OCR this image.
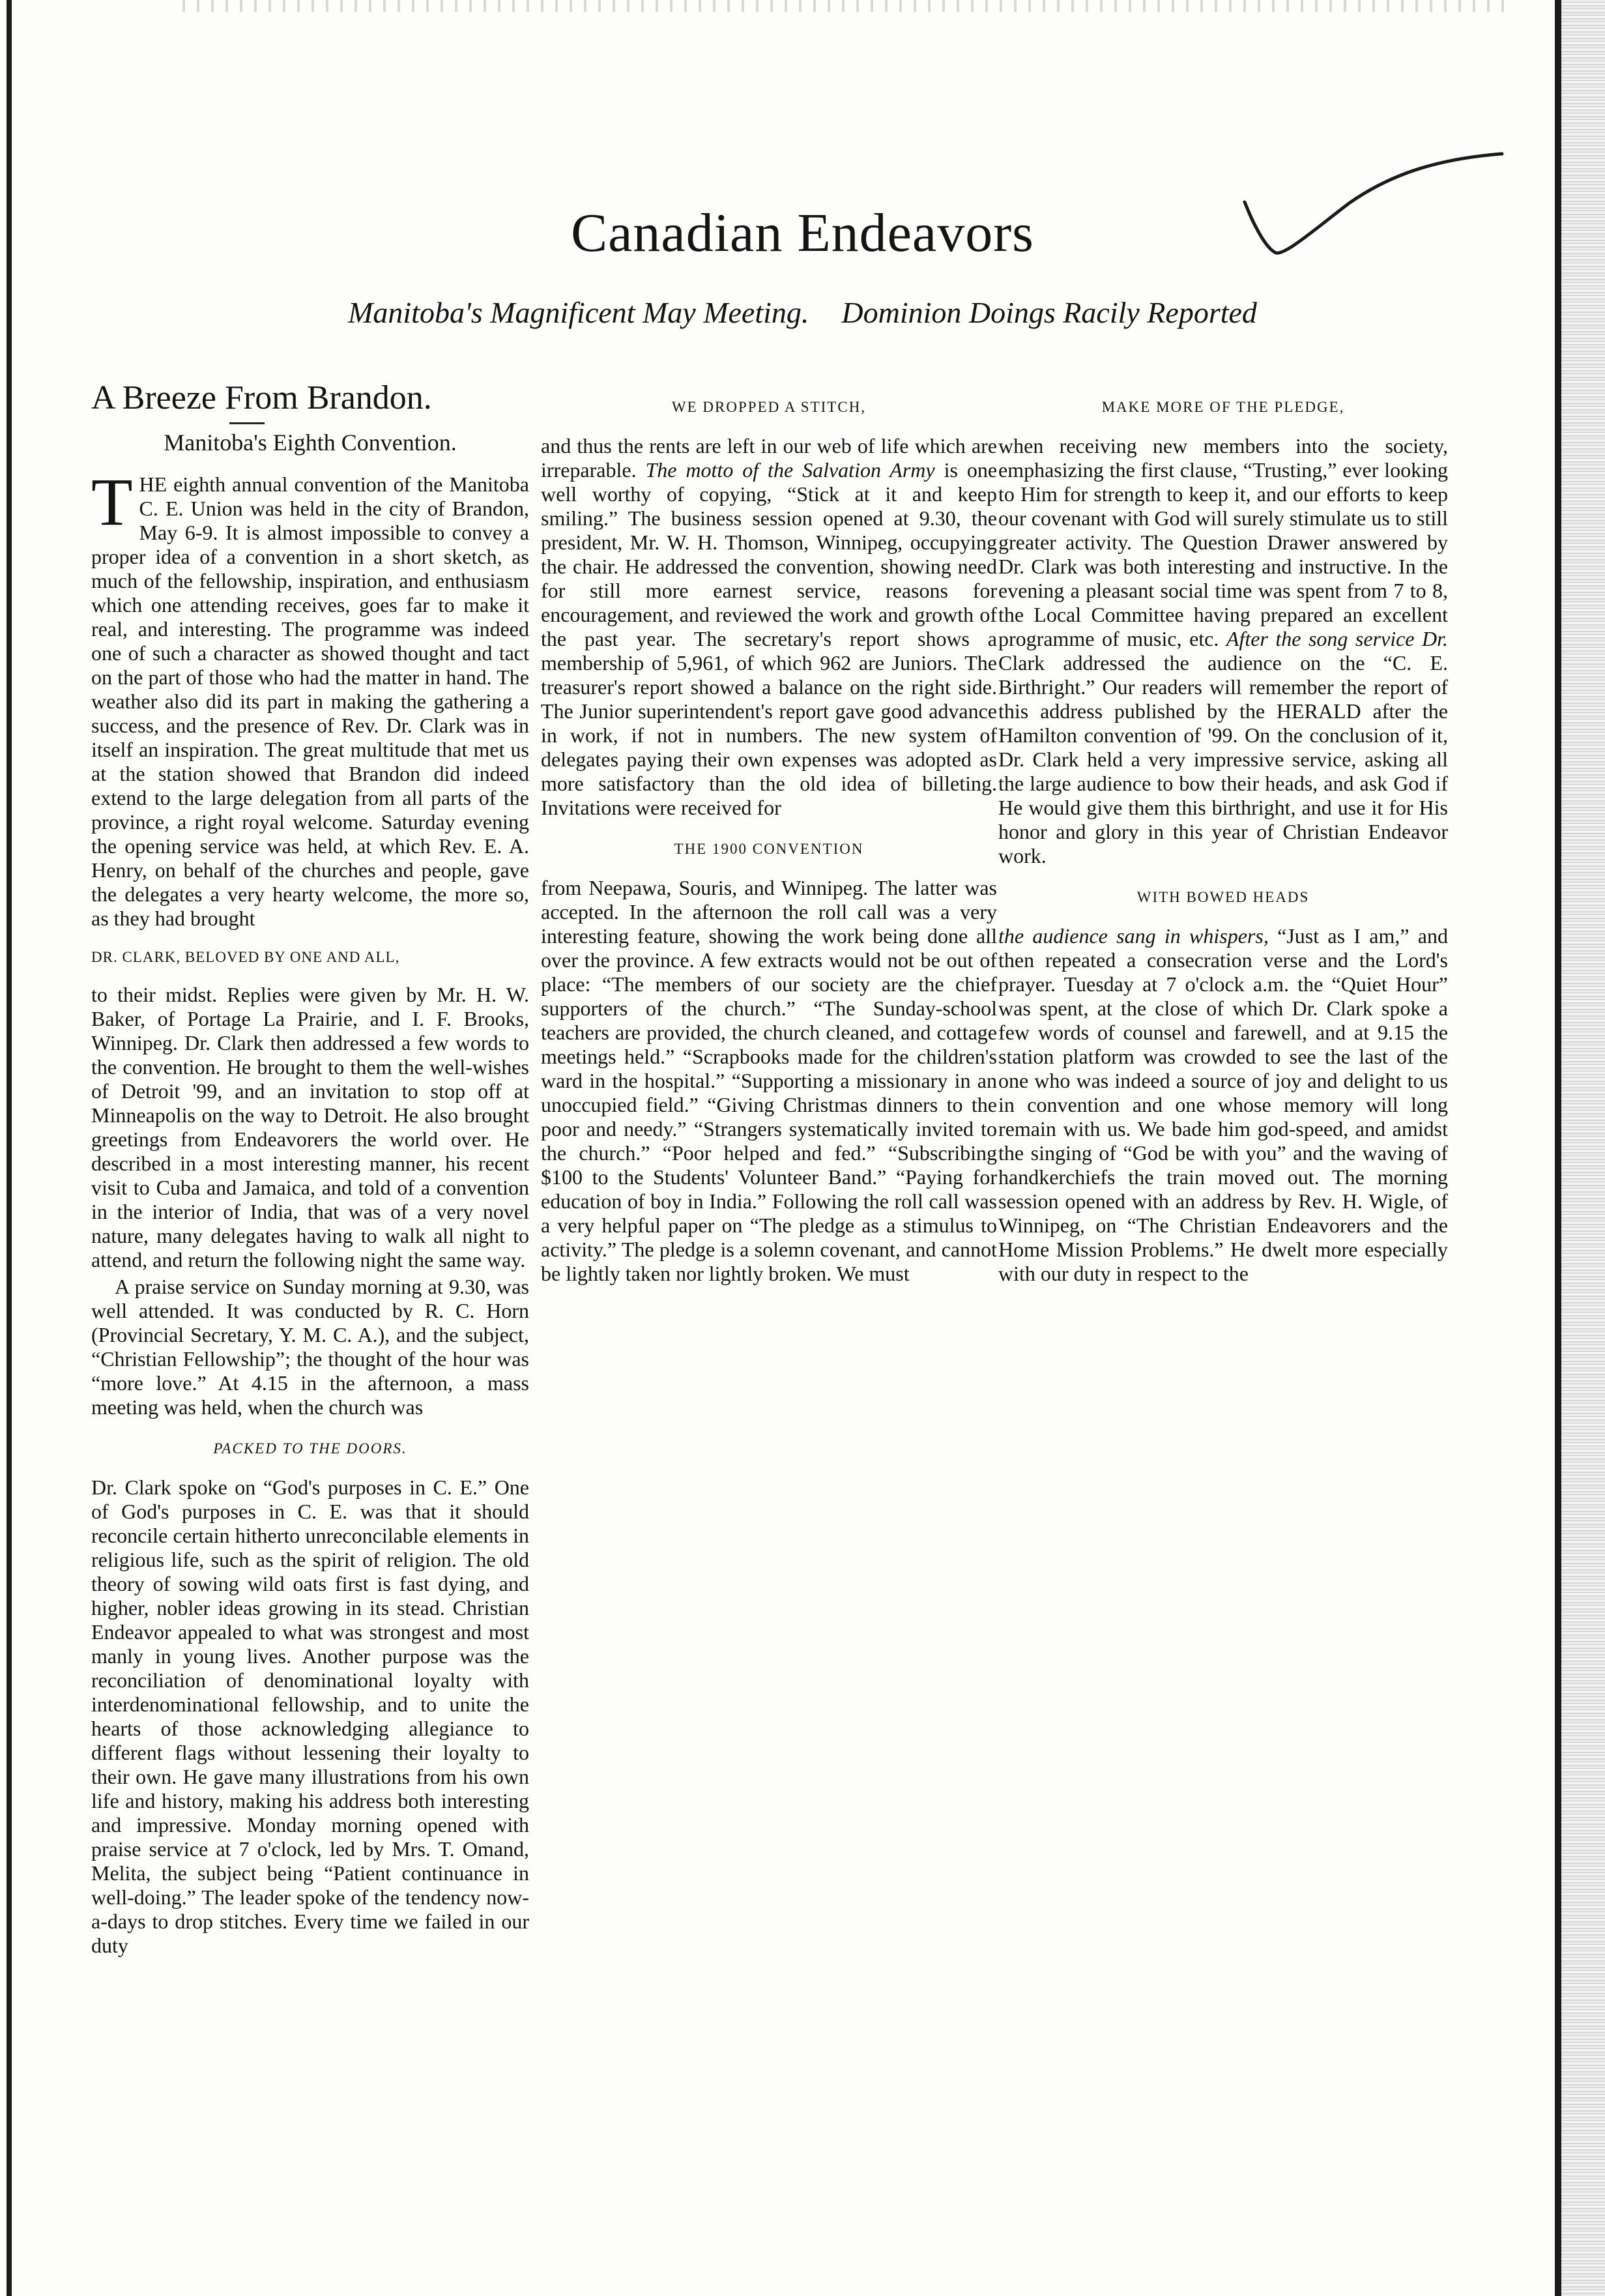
Canadian Endeavors
Manitoba's Magnificent May Meeting. Dominion Doings Racily Reported
A Breeze From Brandon.
Manitoba's Eighth Convention.

THE eighth annual convention of the Manitoba C. E. Union was held in the city of Brandon, May 6-9. It is almost impossible to convey a proper idea of a convention in a short sketch, as much of the fellowship, inspiration, and enthusiasm which one attending receives, goes far to make it real, and interesting. The programme was indeed one of such a character as showed thought and tact on the part of those who had the matter in hand. The weather also did its part in making the gathering a success, and the presence of Rev. Dr. Clark was in itself an inspiration. The great multitude that met us at the station showed that Brandon did indeed extend to the large delegation from all parts of the province, a right royal welcome. Saturday evening the opening service was held, at which Rev. E. A. Henry, on behalf of the churches and people, gave the delegates a very hearty welcome, the more so, as they had brought

DR. CLARK, BELOVED BY ONE AND ALL,

to their midst. Replies were given by Mr. H. W. Baker, of Portage La Prairie, and I. F. Brooks, Winnipeg. Dr. Clark then addressed a few words to the convention. He brought to them the well-wishes of Detroit '99, and an invitation to stop off at Minneapolis on the way to Detroit. He also brought greetings from Endeavorers the world over. He described in a most interesting manner, his recent visit to Cuba and Jamaica, and told of a convention in the interior of India, that was of a very novel nature, many delegates having to walk all night to attend, and return the following night the same way.

A praise service on Sunday morning at 9.30, was well attended. It was conducted by R. C. Horn (Provincial Secretary, Y. M. C. A.), and the subject, “Christian Fellowship”; the thought of the hour was “more love.” At 4.15 in the afternoon, a mass meeting was held, when the church was

PACKED TO THE DOORS.

Dr. Clark spoke on “God's purposes in C. E.” One of God's purposes in C. E. was that it should reconcile certain hitherto unreconcilable elements in religious life, such as the spirit of religion. The old theory of sowing wild oats first is fast dying, and higher, nobler ideas growing in its stead. Christian Endeavor appealed to what was strongest and most manly in young lives. Another purpose was the reconciliation of denominational loyalty with interdenominational fellowship, and to unite the hearts of those acknowledging allegiance to different flags without lessening their loyalty to their own. He gave many illustrations from his own life and history, making his address both interesting and impressive. Monday morning opened with praise service at 7 o'clock, led by Mrs. T. Omand, Melita, the subject being “Patient continuance in well-doing.” The leader spoke of the tendency now-a-days to drop stitches. Every time we failed in our duty

WE DROPPED A STITCH,

and thus the rents are left in our web of life which are irreparable. The motto of the Salvation Army is one well worthy of copying, “Stick at it and keep smiling.” The business session opened at 9.30, the president, Mr. W. H. Thomson, Winnipeg, occupying the chair. He addressed the convention, showing need for still more earnest service, reasons for encouragement, and reviewed the work and growth of the past year. The secretary's report shows a membership of 5,961, of which 962 are Juniors. The treasurer's report showed a balance on the right side. The Junior superintendent's report gave good advance in work, if not in numbers. The new system of delegates paying their own expenses was adopted as more satisfactory than the old idea of billeting. Invitations were received for

THE 1900 CONVENTION

from Neepawa, Souris, and Winnipeg. The latter was accepted. In the afternoon the roll call was a very interesting feature, showing the work being done all over the province. A few extracts would not be out of place: “The members of our society are the chief supporters of the church.” “The Sunday-school teachers are provided, the church cleaned, and cottage meetings held.” “Scrapbooks made for the children's ward in the hospital.” “Supporting a missionary in an unoccupied field.” “Giving Christmas dinners to the poor and needy.” “Strangers systematically invited to the church.” “Poor helped and fed.” “Subscribing $100 to the Students' Volunteer Band.” “Paying for education of boy in India.” Following the roll call was a very helpful paper on “The pledge as a stimulus to activity.” The pledge is a solemn covenant, and cannot be lightly taken nor lightly broken. We must

MAKE MORE OF THE PLEDGE,

when receiving new members into the society, emphasizing the first clause, “Trusting,” ever looking to Him for strength to keep it, and our efforts to keep our covenant with God will surely stimulate us to still greater activity. The Question Drawer answered by Dr. Clark was both interesting and instructive. In the evening a pleasant social time was spent from 7 to 8, the Local Committee having prepared an excellent programme of music, etc. After the song service Dr. Clark addressed the audience on the “C. E. Birthright.” Our readers will remember the report of this address published by the HERALD after the Hamilton convention of '99. On the conclusion of it, Dr. Clark held a very impressive service, asking all the large audience to bow their heads, and ask God if He would give them this birthright, and use it for His honor and glory in this year of Christian Endeavor work.

WITH BOWED HEADS

the audience sang in whispers, “Just as I am,” and then repeated a consecration verse and the Lord's prayer. Tuesday at 7 o'clock a.m. the “Quiet Hour” was spent, at the close of which Dr. Clark spoke a few words of counsel and farewell, and at 9.15 the station platform was crowded to see the last of the one who was indeed a source of joy and delight to us in convention and one whose memory will long remain with us. We bade him god-speed, and amidst the singing of “God be with you” and the waving of handkerchiefs the train moved out. The morning session opened with an address by Rev. H. Wigle, of Winnipeg, on “The Christian Endeavorers and the Home Mission Problems.” He dwelt more especially with our duty in respect to the
